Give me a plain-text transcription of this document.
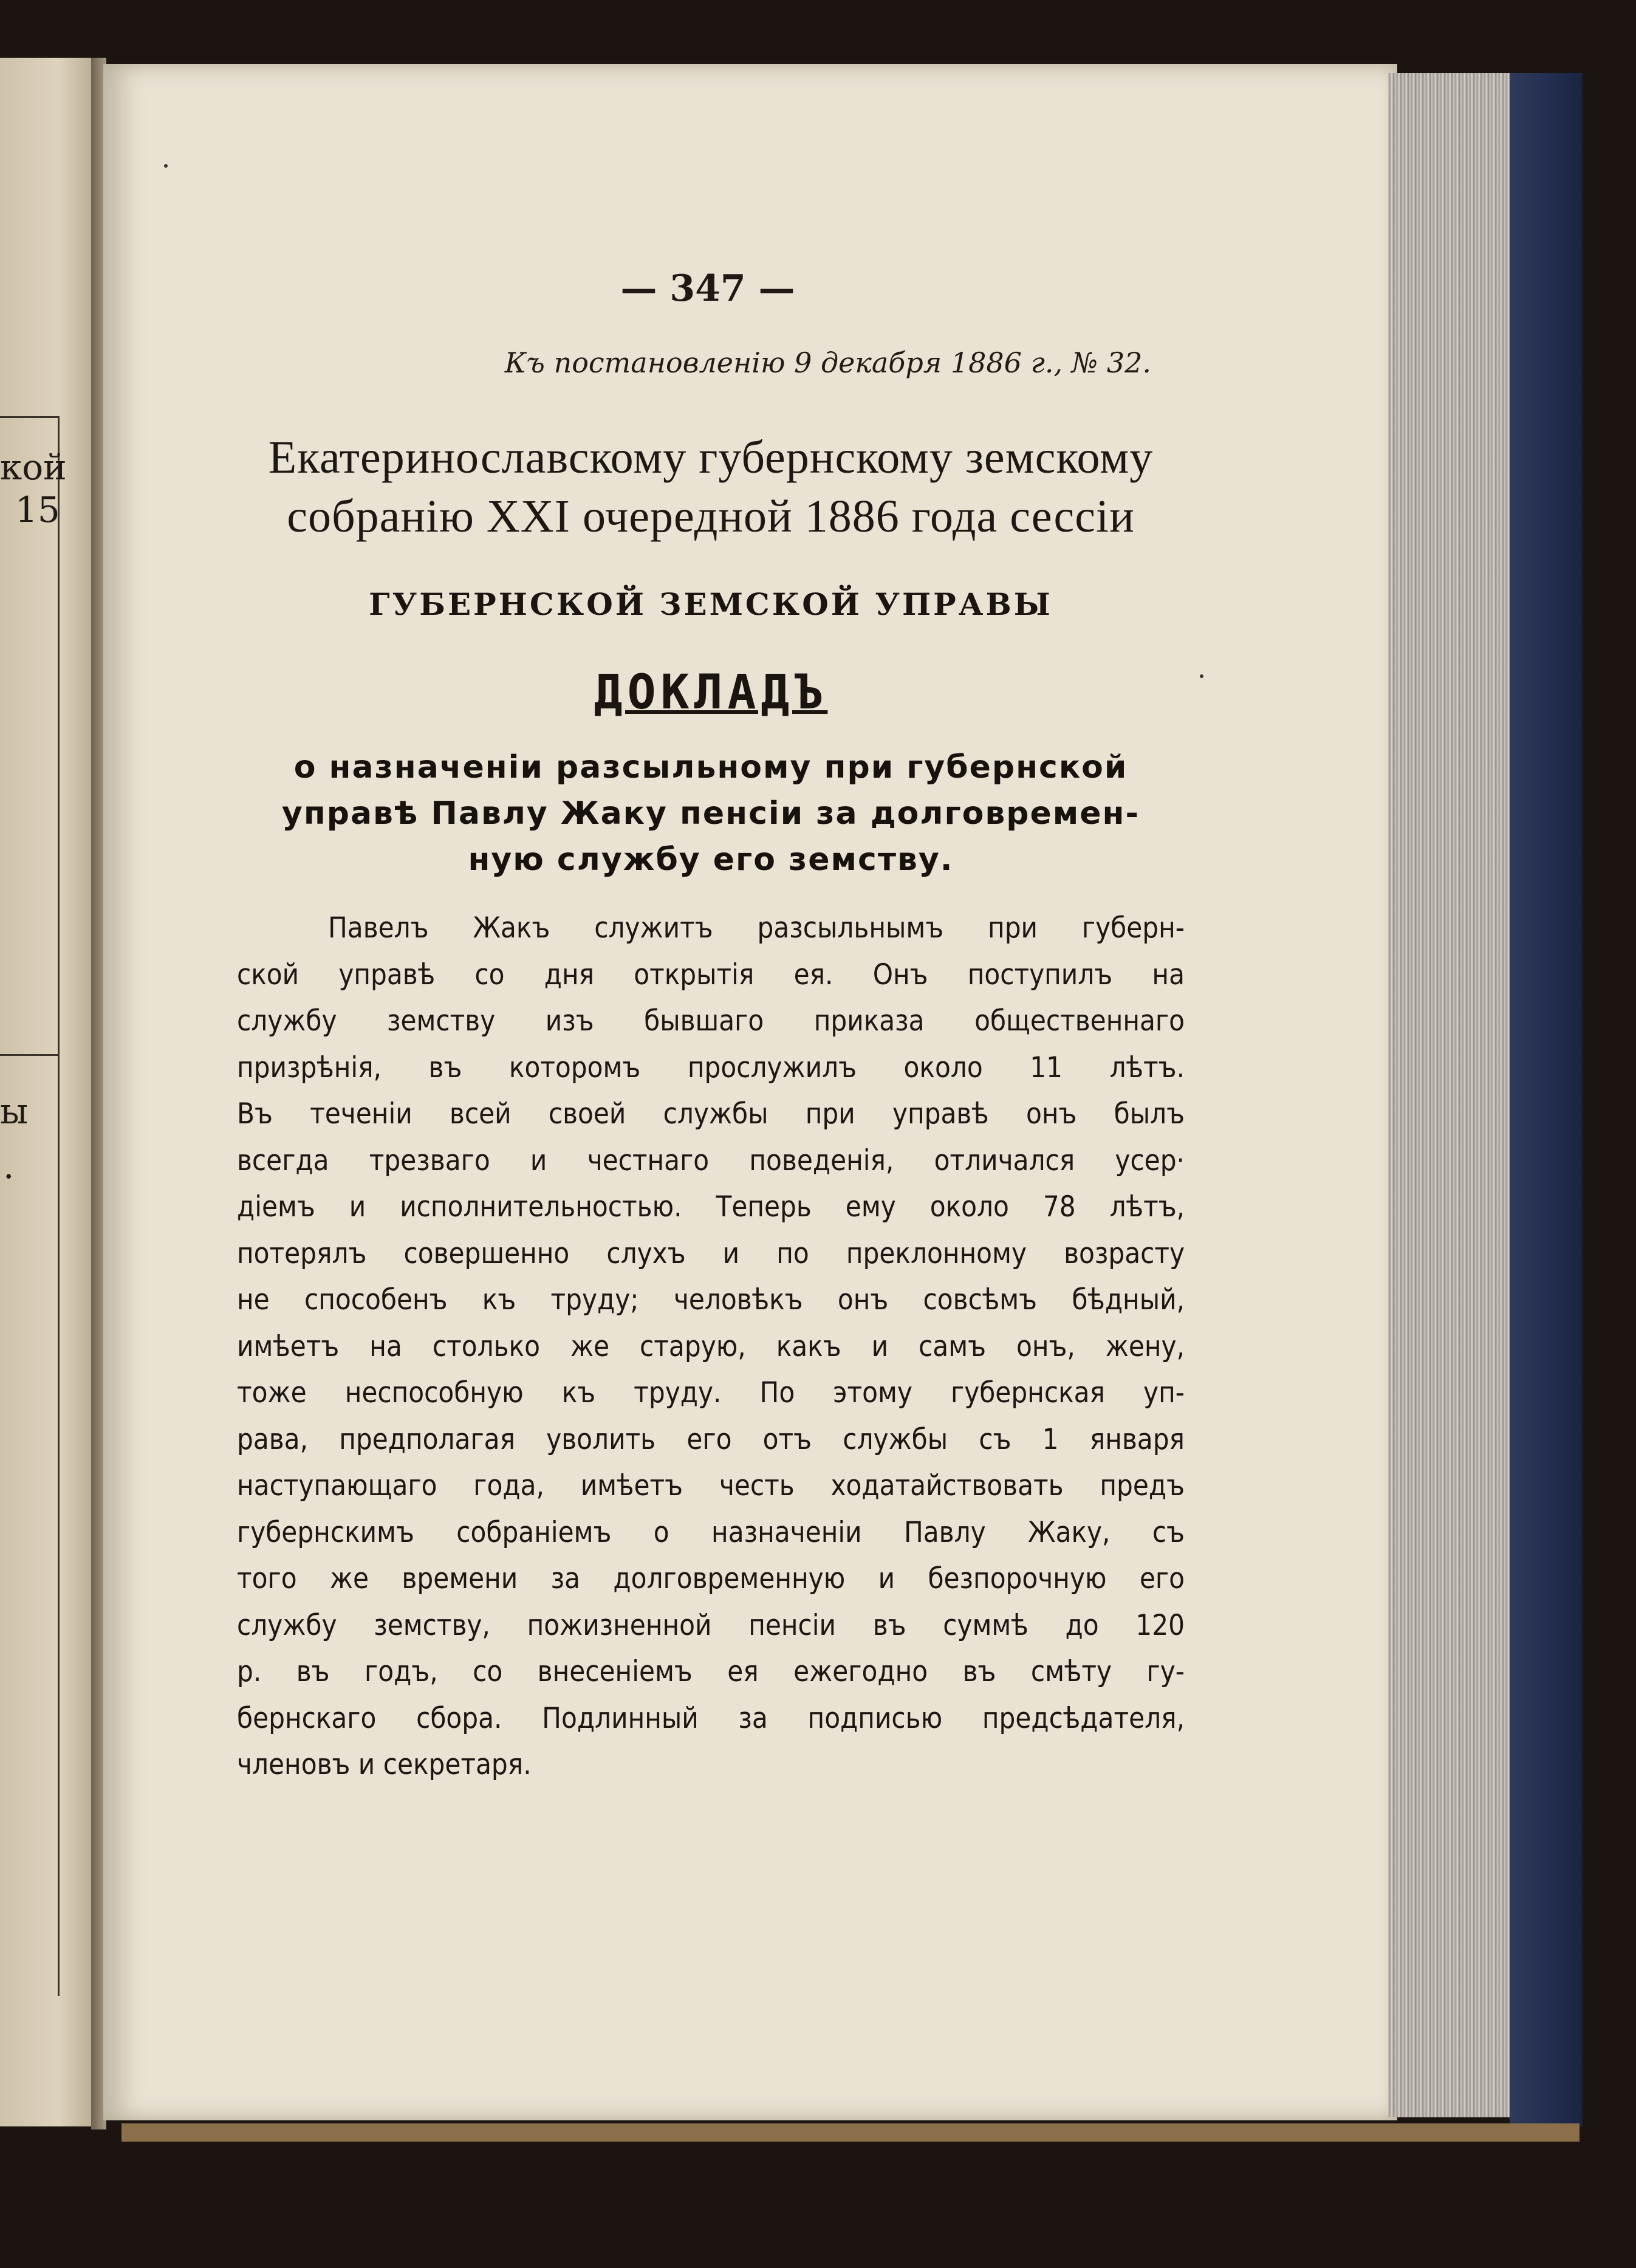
кой
15
ы
.
— 347 —
Къ постановленію 9 декабря 1886 г., № 32.
Екатеринославскому губернскому земскому
собранію XXI очередной 1886 года сессіи
ГУБЕРНСКОЙ ЗЕМСКОЙ УПРАВЫ
ДОКЛАДЪ
о назначеніи разсыльному при губернской
управѣ Павлу Жаку пенсіи за долговремен-
ную службу его земству.
Павелъ Жакъ служитъ разсыльнымъ при губерн-
ской управѣ со дня открытія ея. Онъ поступилъ на
службу земству изъ бывшаго приказа общественнаго
призрѣнія, въ которомъ прослужилъ около 11 лѣтъ.
Въ теченіи всей своей службы при управѣ онъ былъ
всегда трезваго и честнаго поведенія, отличался усер·
діемъ и исполнительностью. Теперь ему около 78 лѣтъ,
потерялъ совершенно слухъ и по преклонному возрасту
не способенъ къ труду; человѣкъ онъ совсѣмъ бѣдный,
имѣетъ на столько же старую, какъ и самъ онъ, жену,
тоже неспособную къ труду. По этому губернская уп-
рава, предполагая уволить его отъ службы съ 1 января
наступающаго года, имѣетъ честь ходатайствовать предъ
губернскимъ собраніемъ о назначеніи Павлу Жаку, съ
того же времени за долговременную и безпорочную его
службу земству, пожизненной пенсіи въ суммѣ до 120
р. въ годъ, со внесеніемъ ея ежегодно въ смѣту гу-
бернскаго сбора. Подлинный за подписью предсѣдателя,
членовъ и секретаря.
